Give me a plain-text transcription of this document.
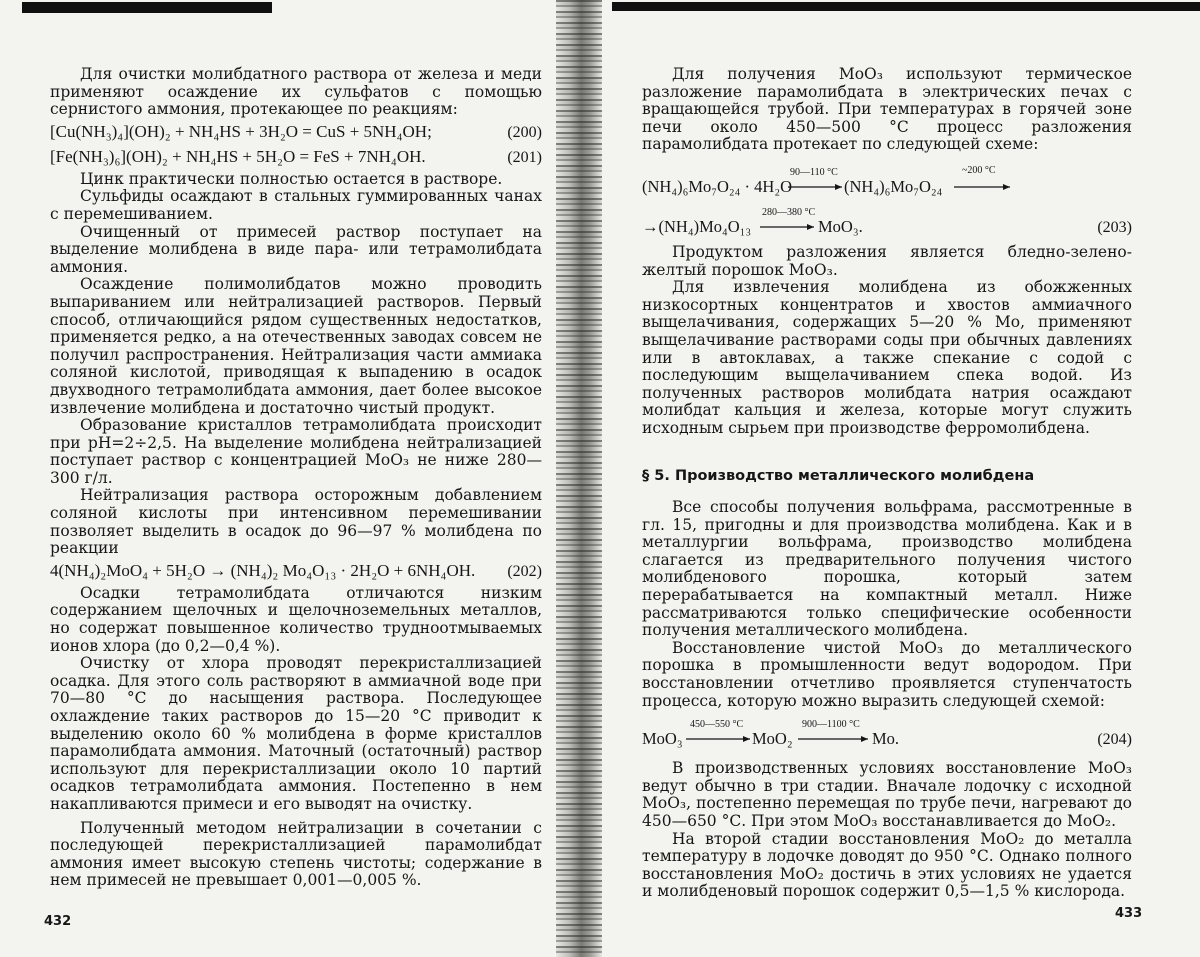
Для очистки молибдатного раствора от железа и меди применяют осаждение их сульфатов с помощью сернистого аммония, протекающее по реакциям:

[Cu(NH₃)₄](OH)₂ + NH₄HS + 3H₂O = CuS + 5NH₄OH;	(200)
[Fe(NH₃)₆](OH)₂ + NH₄HS + 5H₂O = FeS + 7NH₄OH.	(201)

Цинк практически полностью остается в растворе.

Сульфиды осаждают в стальных гуммированных чанах с перемешиванием.

Очищенный от примесей раствор поступает на выделение молибдена в виде пара- или тетрамолибдата аммония.

Осаждение полимолибдатов можно проводить выпариванием или нейтрализацией растворов. Первый способ, отличающийся рядом существенных недостатков, применяется редко, а на отечественных заводах совсем не получил распространения. Нейтрализация части аммиака соляной кислотой, приводящая к выпадению в осадок двухводного тетрамолибдата аммония, дает более высокое извлечение молибдена и достаточно чистый продукт.

Образование кристаллов тетрамолибдата происходит при pH=2÷2,5. На выделение молибдена нейтрализацией поступает раствор с концентрацией MoO₃ не ниже 280—300 г/л.

Нейтрализация раствора осторожным добавлением соляной кислоты при интенсивном перемешивании позволяет выделить в осадок до 96—97 % молибдена по реакции

4(NH₄)₂MoO₄ + 5H₂O → (NH₄)₂ Mo₄O₁₃ · 2H₂O + 6NH₄OH. (202)

Осадки тетрамолибдата отличаются низким содержанием щелочных и щелочноземельных металлов, но содержат повышенное количество трудноотмываемых ионов хлора (до 0,2—0,4 %).

Очистку от хлора проводят перекристаллизацией осадка. Для этого соль растворяют в аммиачной воде при 70—80 °С до насыщения раствора. Последующее охлаждение таких растворов до 15—20 °С приводит к выделению около 60 % молибдена в форме кристаллов парамолибдата аммония. Маточный (остаточный) раствор используют для перекристаллизации около 10 партий осадков тетрамолибдата аммония. Постепенно в нем накапливаются примеси и его выводят на очистку.

Полученный методом нейтрализации в сочетании с последующей перекристаллизацией парамолибдат аммония имеет высокую степень чистоты; содержание в нем примесей не превышает 0,001—0,005 %.

432

Для получения MoO₃ используют термическое разложение парамолибдата в электрических печах с вращающейся трубой. При температурах в горячей зоне печи около 450—500 °С процесс разложения парамолибдата протекает по следующей схеме:

(NH₄)₆Mo₇O₂₄ · 4H₂O
90—110 °С
(NH₄)₆Mo₇O₂₄
~200 °С
→(NH₄)Mo₄O₁₃
280—380 °С
MoO₃.	(203)

Продуктом разложения является бледно-зелено-желтый порошок MoO₃.

Для извлечения молибдена из обожженных низкосортных концентратов и хвостов аммиачного выщелачивания, содержащих 5—20 % Mo, применяют выщелачивание растворами соды при обычных давлениях или в автоклавах, а также спекание с содой с последующим выщелачиванием спека водой. Из полученных растворов молибдата натрия осаждают молибдат кальция и железа, которые могут служить исходным сырьем при производстве ферромолибдена.

§ 5. Производство металлического молибдена

Все способы получения вольфрама, рассмотренные в гл. 15, пригодны и для производства молибдена. Как и в металлургии вольфрама, производство молибдена слагается из предварительного получения чистого молибденового порошка, который затем перерабатывается на компактный металл. Ниже рассматриваются только специфические особенности получения металлического молибдена.

Восстановление чистой MoO₃ до металлического порошка в промышленности ведут водородом. При восстановлении отчетливо проявляется ступенчатость процесса, которую можно выразить следующей схемой:

MoO₃
450—550 °С
MoO₂
900—1100 °С
Mo.	(204)

В производственных условиях восстановление MoO₃ ведут обычно в три стадии. Вначале лодочку с исходной MoO₃, постепенно перемещая по трубе печи, нагревают до 450—650 °С. При этом MoO₃ восстанавливается до MoO₂.

На второй стадии восстановления MoO₂ до металла температуру в лодочке доводят до 950 °С. Однако полного восстановления MoO₂ достичь в этих условиях не удается и молибденовый порошок содержит 0,5—1,5 % кислорода.

433
